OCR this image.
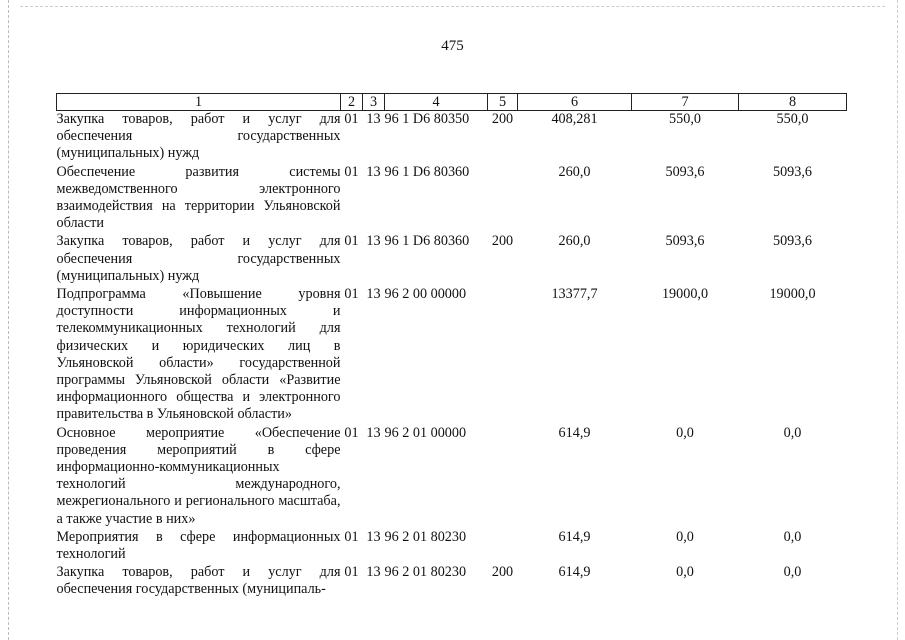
475
1	2	3	4	5	6	7	8
Закупка товаров, работ и услуг для обеспечения государственных (муниципальных) нужд	01	13	96 1 D6 80350	200	408,281	550,0	550,0
Обеспечение развития системы межведомственного электронного взаимодействия на территории Ульяновской области	01	13	96 1 D6 80360		260,0	5093,6	5093,6
Закупка товаров, работ и услуг для обеспечения государственных (муниципальных) нужд	01	13	96 1 D6 80360	200	260,0	5093,6	5093,6
Подпрограмма «Повышение уровня доступности информационных и телекоммуникационных технологий для физических и юридических лиц в Ульяновской области» государственной программы Ульяновской области «Развитие информационного общества и электронного правительства в Ульяновской области»	01	13	96 2 00 00000		13377,7	19000,0	19000,0
Основное мероприятие «Обеспечение проведения мероприятий в сфере информационно-коммуникационных технологий международного, межрегионального и регионального масштаба, а также участие в них»	01	13	96 2 01 00000		614,9	0,0	0,0
Мероприятия в сфере информационных технологий	01	13	96 2 01 80230		614,9	0,0	0,0
Закупка товаров, работ и услуг для обеспечения государственных (муниципаль-	01	13	96 2 01 80230	200	614,9	0,0	0,0
